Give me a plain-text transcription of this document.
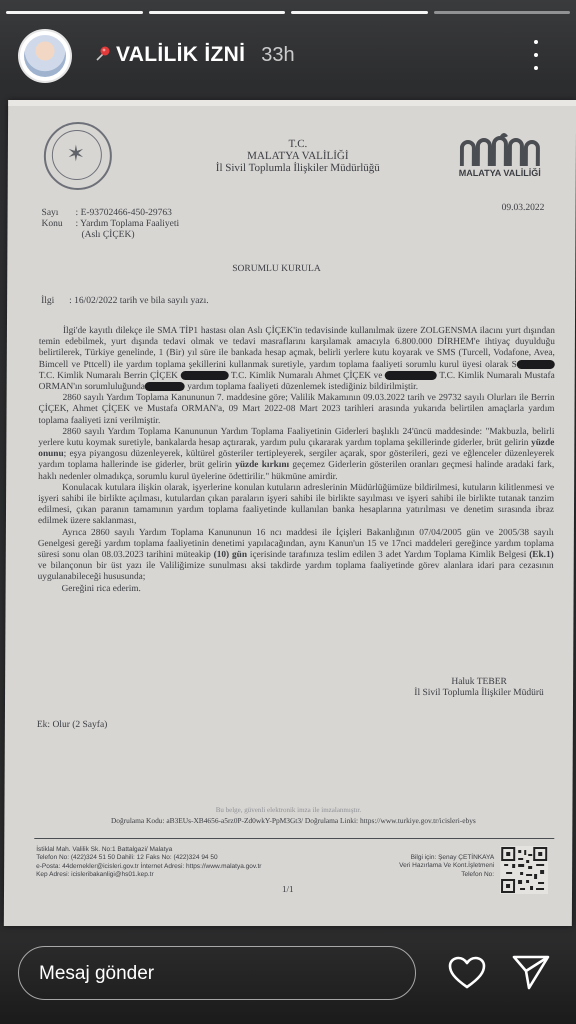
VALİLİK İZNİ 33h
✶	T.C.
MALATYA VALİLİĞİ
İl Sivil Toplumla İlişkiler Müdürlüğü	MALATYA VALİLİĞİ
09.03.2022
Sayı : E-93702466-450-29763
Konu : Yardım Toplama Faaliyeti
(Aslı ÇİÇEK)
SORUMLU KURULA
İlgi : 16/02/2022 tarih ve bila sayılı yazı.

İlgi'de kayıtlı dilekçe ile SMA TİP1 hastası olan Aslı ÇİÇEK'in tedavisinde kullanılmak üzere ZOLGENSMA ilacını yurt dışından temin edebilmek, yurt dışında tedavi olmak ve tedavi masraflarını karşılamak amacıyla 6.800.000 DİRHEM'e ihtiyaç duyulduğu belirtilerek, Türkiye genelinde, 1 (Bir) yıl süre ile bankada hesap açmak, belirli yerlere kutu koyarak ve SMS (Turcell, Vodafone, Avea, Bimcell ve Pttcell) ile yardım toplama şekillerini kullanmak suretiyle, yardım toplama faaliyeti sorumlu kurul üyesi olarak S T.C. Kimlik Numaralı Berrin ÇİÇEK	T.C. Kimlik Numaralı Ahmet ÇİÇEK ve	T.C. Kimlik Numaralı Mustafa ORMAN'ın sorumluluğunda	yardım toplama faaliyeti düzenlemek istediğiniz bildirilmiştir.

2860 sayılı Yardım Toplama Kanununun 7. maddesine göre; Valilik Makamının 09.03.2022 tarih ve 29732 sayılı Olurları ile Berrin ÇİÇEK, Ahmet ÇİÇEK ve Mustafa ORMAN'a, 09 Mart 2022-08 Mart 2023 tarihleri arasında yukarıda belirtilen amaçlarla yardım toplama faaliyeti izni verilmiştir.

2860 sayılı Yardım Toplama Kanununun Yardım Toplama Faaliyetinin Giderleri başlıklı 24'üncü maddesinde: "Makbuzla, belirli yerlere kutu koymak suretiyle, bankalarda hesap açtırarak, yardım pulu çıkararak yardım toplama şekillerinde giderler, brüt gelirin yüzde onunu; eşya piyangosu düzenleyerek, kültürel gösteriler tertipleyerek, sergiler açarak, spor gösterileri, gezi ve eğlenceler düzenleyerek yardım toplama hallerinde ise giderler, brüt gelirin yüzde kırkını geçemez Giderlerin gösterilen oranları geçmesi halinde aradaki fark, haklı nedenler olmadıkça, sorumlu kurul üyelerine ödettirilir." hükmüne amirdir.

Konulacak kutulara ilişkin olarak, işyerlerine konulan kutuların adreslerinin Müdürlüğümüze bildirilmesi, kutuların kilitlenmesi ve işyeri sahibi ile birlikte açılması, kutulardan çıkan paraların işyeri sahibi ile birlikte sayılması ve işyeri sahibi ile birlikte tutanak tanzim edilmesi, çıkan paranın tamamının yardım toplama faaliyetinde kullanılan banka hesaplarına yatırılması ve denetim sırasında ibraz edilmek üzere saklanması,

Ayrıca 2860 sayılı Yardım Toplama Kanununun 16 ncı maddesi ile İçişleri Bakanlığının 07/04/2005 gün ve 2005/38 sayılı Genelgesi gereği yardım toplama faaliyetinin denetimi yapılacağından, aynı Kanun'un 15 ve 17nci maddeleri gereğince yardım toplama süresi sonu olan 08.03.2023 tarihini müteakip (10) gün içerisinde tarafınıza teslim edilen 3 adet Yardım Toplama Kimlik Belgesi (Ek.1) ve bilançonun bir üst yazı ile Valiliğimize sunulması aksi takdirde yardım toplama faaliyetinde görev alanlara idari para cezasının uygulanabileceği hususunda;

Gereğini rica ederim.

Haluk TEBER
İl Sivil Toplumla İlişkiler Müdürü
Ek: Olur (2 Sayfa)
Bu belge, güvenli elektronik imza ile imzalanmıştır.
Doğrulama Kodu: aB3EUs-XB4656-a5rz0P-Zd0wkY-PpM3Gt3/ Doğrulama Linki: https://www.turkiye.gov.tr/icisleri-ebys
İstiklal Mah. Valilik Sk. No:1 Battalgazi/ Malatya
Telefon No: (422)324 51 50 Dahili: 12 Faks No: (422)324 94 50
e-Posta: 44dernekler@icisleri.gov.tr İnternet Adresi: https://www.malatya.gov.tr
Kep Adresi: icisleribakanligi@hs01.kep.tr
Bilgi için: Şenay ÇETİNKAYA
Veri Hazırlama Ve Kont.İşletmeni
Telefon No:
1/1
Mesaj gönder
